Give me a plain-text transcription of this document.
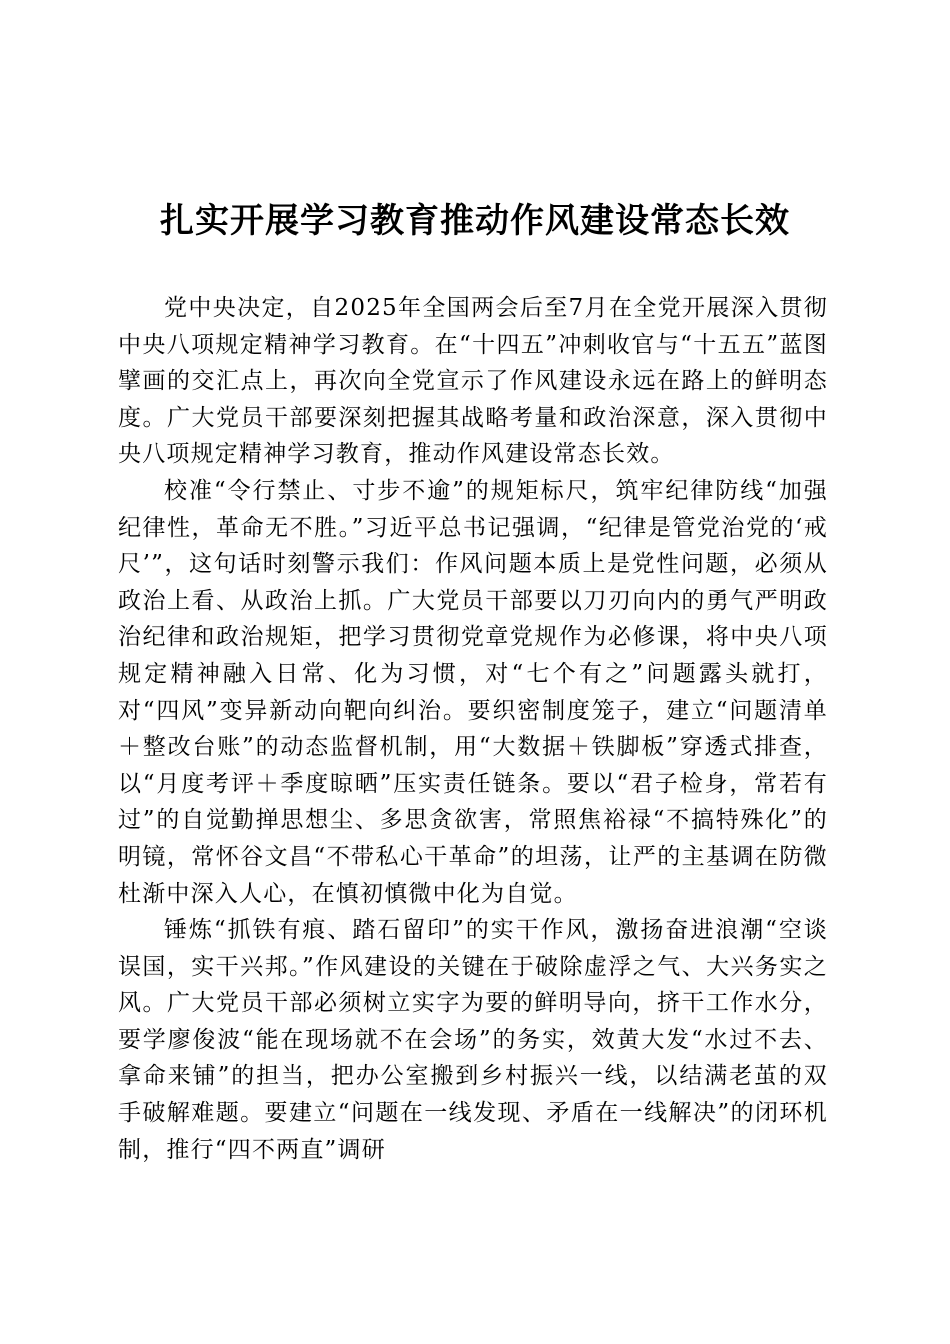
扎实开展学习教育推动作风建设常态长效

党中央决定，自2025年全国两会后至7月在全党开展深入贯彻中央八项规定精神学习教育。在“十四五”冲刺收官与“十五五”蓝图擘画的交汇点上，再次向全党宣示了作风建设永远在路上的鲜明态度。广大党员干部要深刻把握其战略考量和政治深意，深入贯彻中央八项规定精神学习教育，推动作风建设常态长效。

校准“令行禁止、寸步不逾”的规矩标尺，筑牢纪律防线“加强纪律性，革命无不胜。”习近平总书记强调，“纪律是管党治党的‘戒尺’”，这句话时刻警示我们：作风问题本质上是党性问题，必须从政治上看、从政治上抓。广大党员干部要以刀刃向内的勇气严明政治纪律和政治规矩，把学习贯彻党章党规作为必修课，将中央八项规定精神融入日常、化为习惯，对“七个有之”问题露头就打，对“四风”变异新动向靶向纠治。要织密制度笼子，建立“问题清单＋整改台账”的动态监督机制，用“大数据＋铁脚板”穿透式排查，以“月度考评＋季度晾晒”压实责任链条。要以“君子检身，常若有过”的自觉勤掸思想尘、多思贪欲害，常照焦裕禄“不搞特殊化”的明镜，常怀谷文昌“不带私心干革命”的坦荡，让严的主基调在防微杜渐中深入人心，在慎初慎微中化为自觉。

锤炼“抓铁有痕、踏石留印”的实干作风，激扬奋进浪潮“空谈误国，实干兴邦。”作风建设的关键在于破除虚浮之气、大兴务实之风。广大党员干部必须树立实字为要的鲜明导向，挤干工作水分，要学廖俊波“能在现场就不在会场”的务实，效黄大发“水过不去、拿命来铺”的担当，把办公室搬到乡村振兴一线，以结满老茧的双手破解难题。要建立“问题在一线发现、矛盾在一线解决”的闭环机制，推行“四不两直”调研
